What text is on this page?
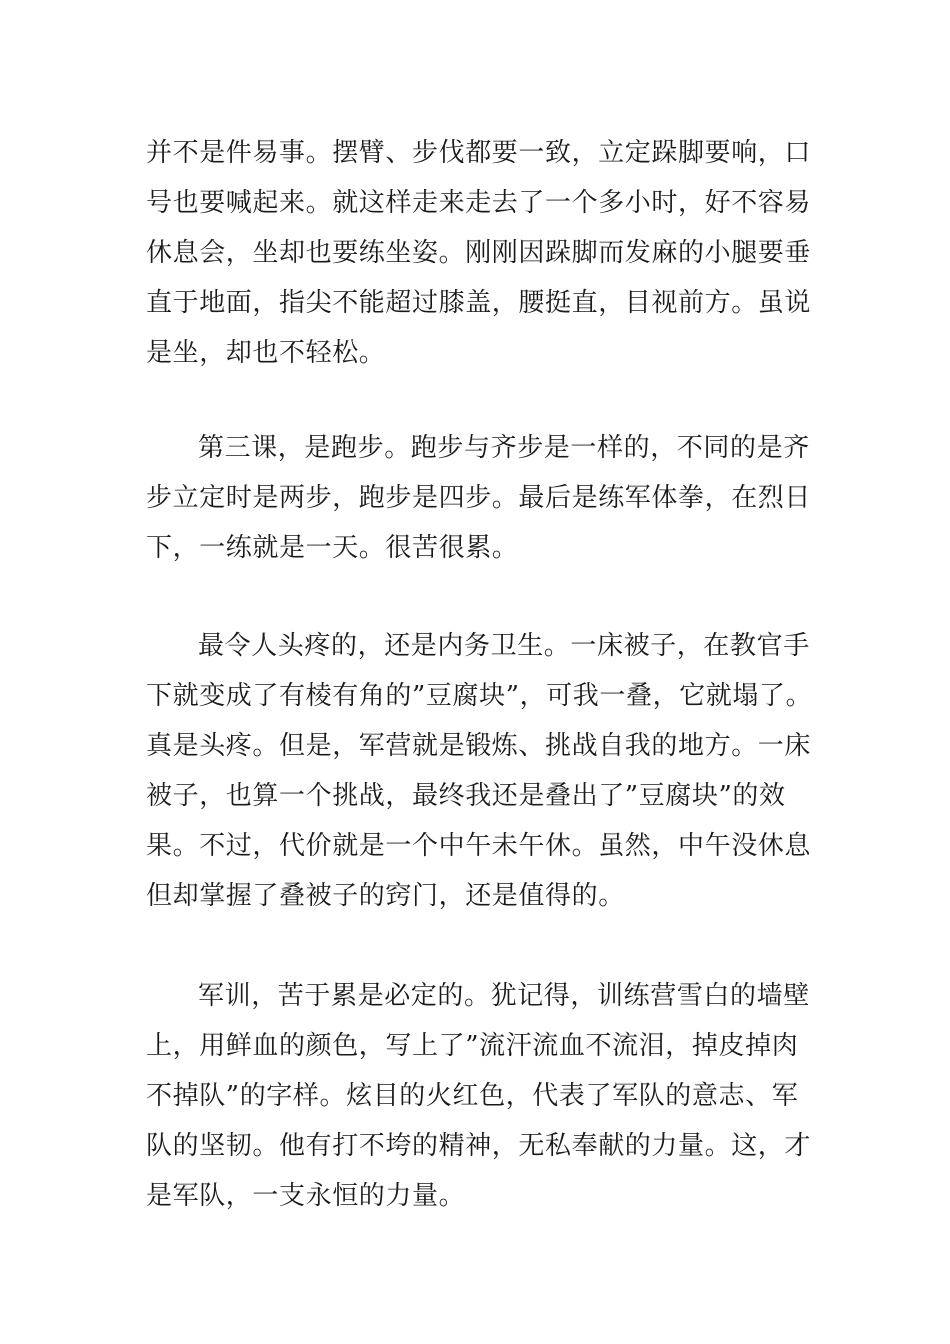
并不是件易事。摆臂、步伐都要一致，立定跺脚要响，口

号也要喊起来。就这样走来走去了一个多小时，好不容易

休息会，坐却也要练坐姿。刚刚因跺脚而发麻的小腿要垂

直于地面，指尖不能超过膝盖，腰挺直，目视前方。虽说

是坐，却也不轻松。

第三课，是跑步。跑步与齐步是一样的，不同的是齐

步立定时是两步，跑步是四步。最后是练军体拳，在烈日

下，一练就是一天。很苦很累。

最令人头疼的，还是内务卫生。一床被子，在教官手

下就变成了有棱有角的”豆腐块”，可我一叠，它就塌了。

真是头疼。但是，军营就是锻炼、挑战自我的地方。一床

被子，也算一个挑战，最终我还是叠出了”豆腐块”的效

果。不过，代价就是一个中午未午休。虽然，中午没休息

但却掌握了叠被子的窍门，还是值得的。

军训，苦于累是必定的。犹记得，训练营雪白的墙壁

上，用鲜血的颜色，写上了”流汗流血不流泪，掉皮掉肉

不掉队”的字样。炫目的火红色，代表了军队的意志、军

队的坚韧。他有打不垮的精神，无私奉献的力量。这，才

是军队，一支永恒的力量。
